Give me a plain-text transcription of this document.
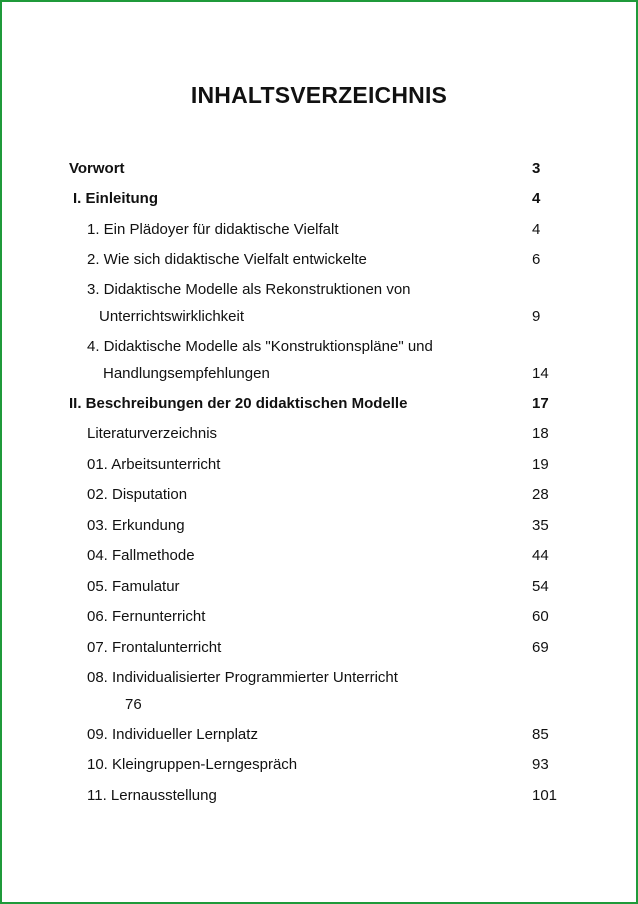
INHALTSVERZEICHNIS
Vorwort	3
I. Einleitung	4
1. Ein Plädoyer für didaktische Vielfalt	4
2. Wie sich didaktische Vielfalt entwickelte	6
3. Didaktische Modelle als Rekonstruktionen von
Unterrichtswirklichkeit	9
4. Didaktische Modelle als "Konstruktionspläne" und
Handlungsempfehlungen	14
II. Beschreibungen der 20 didaktischen Modelle	17
Literaturverzeichnis	18
01. Arbeitsunterricht	19
02. Disputation	28
03. Erkundung	35
04. Fallmethode	44
05. Famulatur	54
06. Fernunterricht	60
07. Frontalunterricht	69
08. Individualisierter Programmierter Unterricht
76
09. Individueller Lernplatz	85
10. Kleingruppen-Lerngespräch	93
11. Lernausstellung	101
